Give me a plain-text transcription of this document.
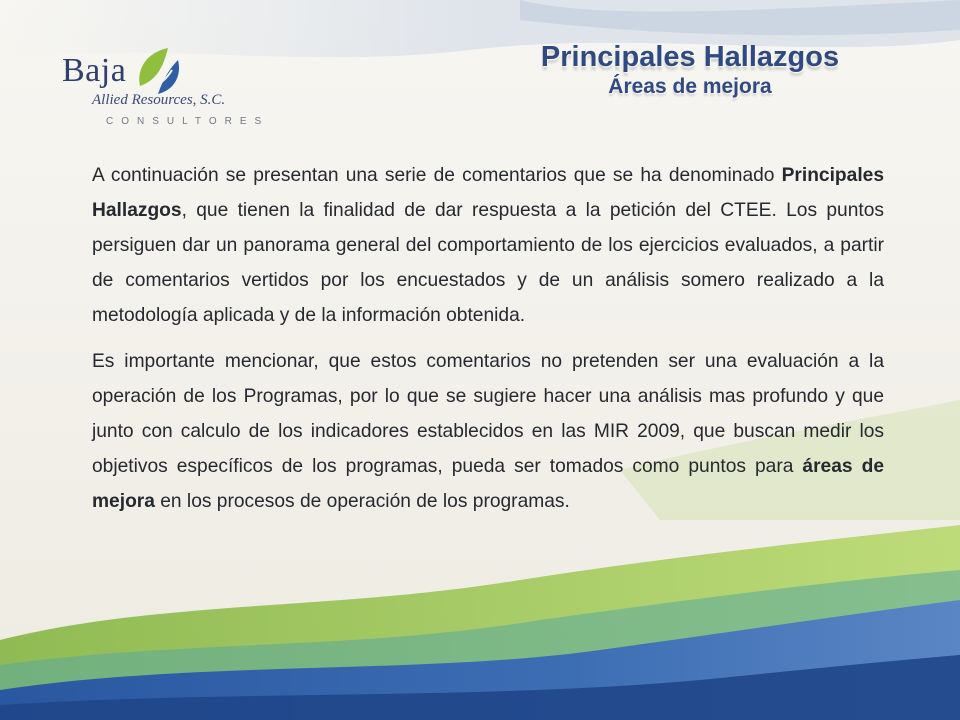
Baja
Allied Resources, S.C.
CONSULTORES
Principales Hallazgos
Áreas de mejora

A continuación se presentan una serie de comentarios que se ha denominado Principales Hallazgos, que tienen la finalidad de dar respuesta a la petición del CTEE. Los puntos persiguen dar un panorama general del comportamiento de los ejercicios evaluados, a partir de comentarios vertidos por los encuestados y de un análisis somero realizado a la metodología aplicada y de la información obtenida.

Es importante mencionar, que estos comentarios no pretenden ser una evaluación a la operación de los Programas, por lo que se sugiere hacer una análisis mas profundo y que junto con calculo de los indicadores establecidos en las MIR 2009, que buscan medir los objetivos específicos de los programas, pueda ser tomados como puntos para áreas de mejora en los procesos de operación de los programas.
